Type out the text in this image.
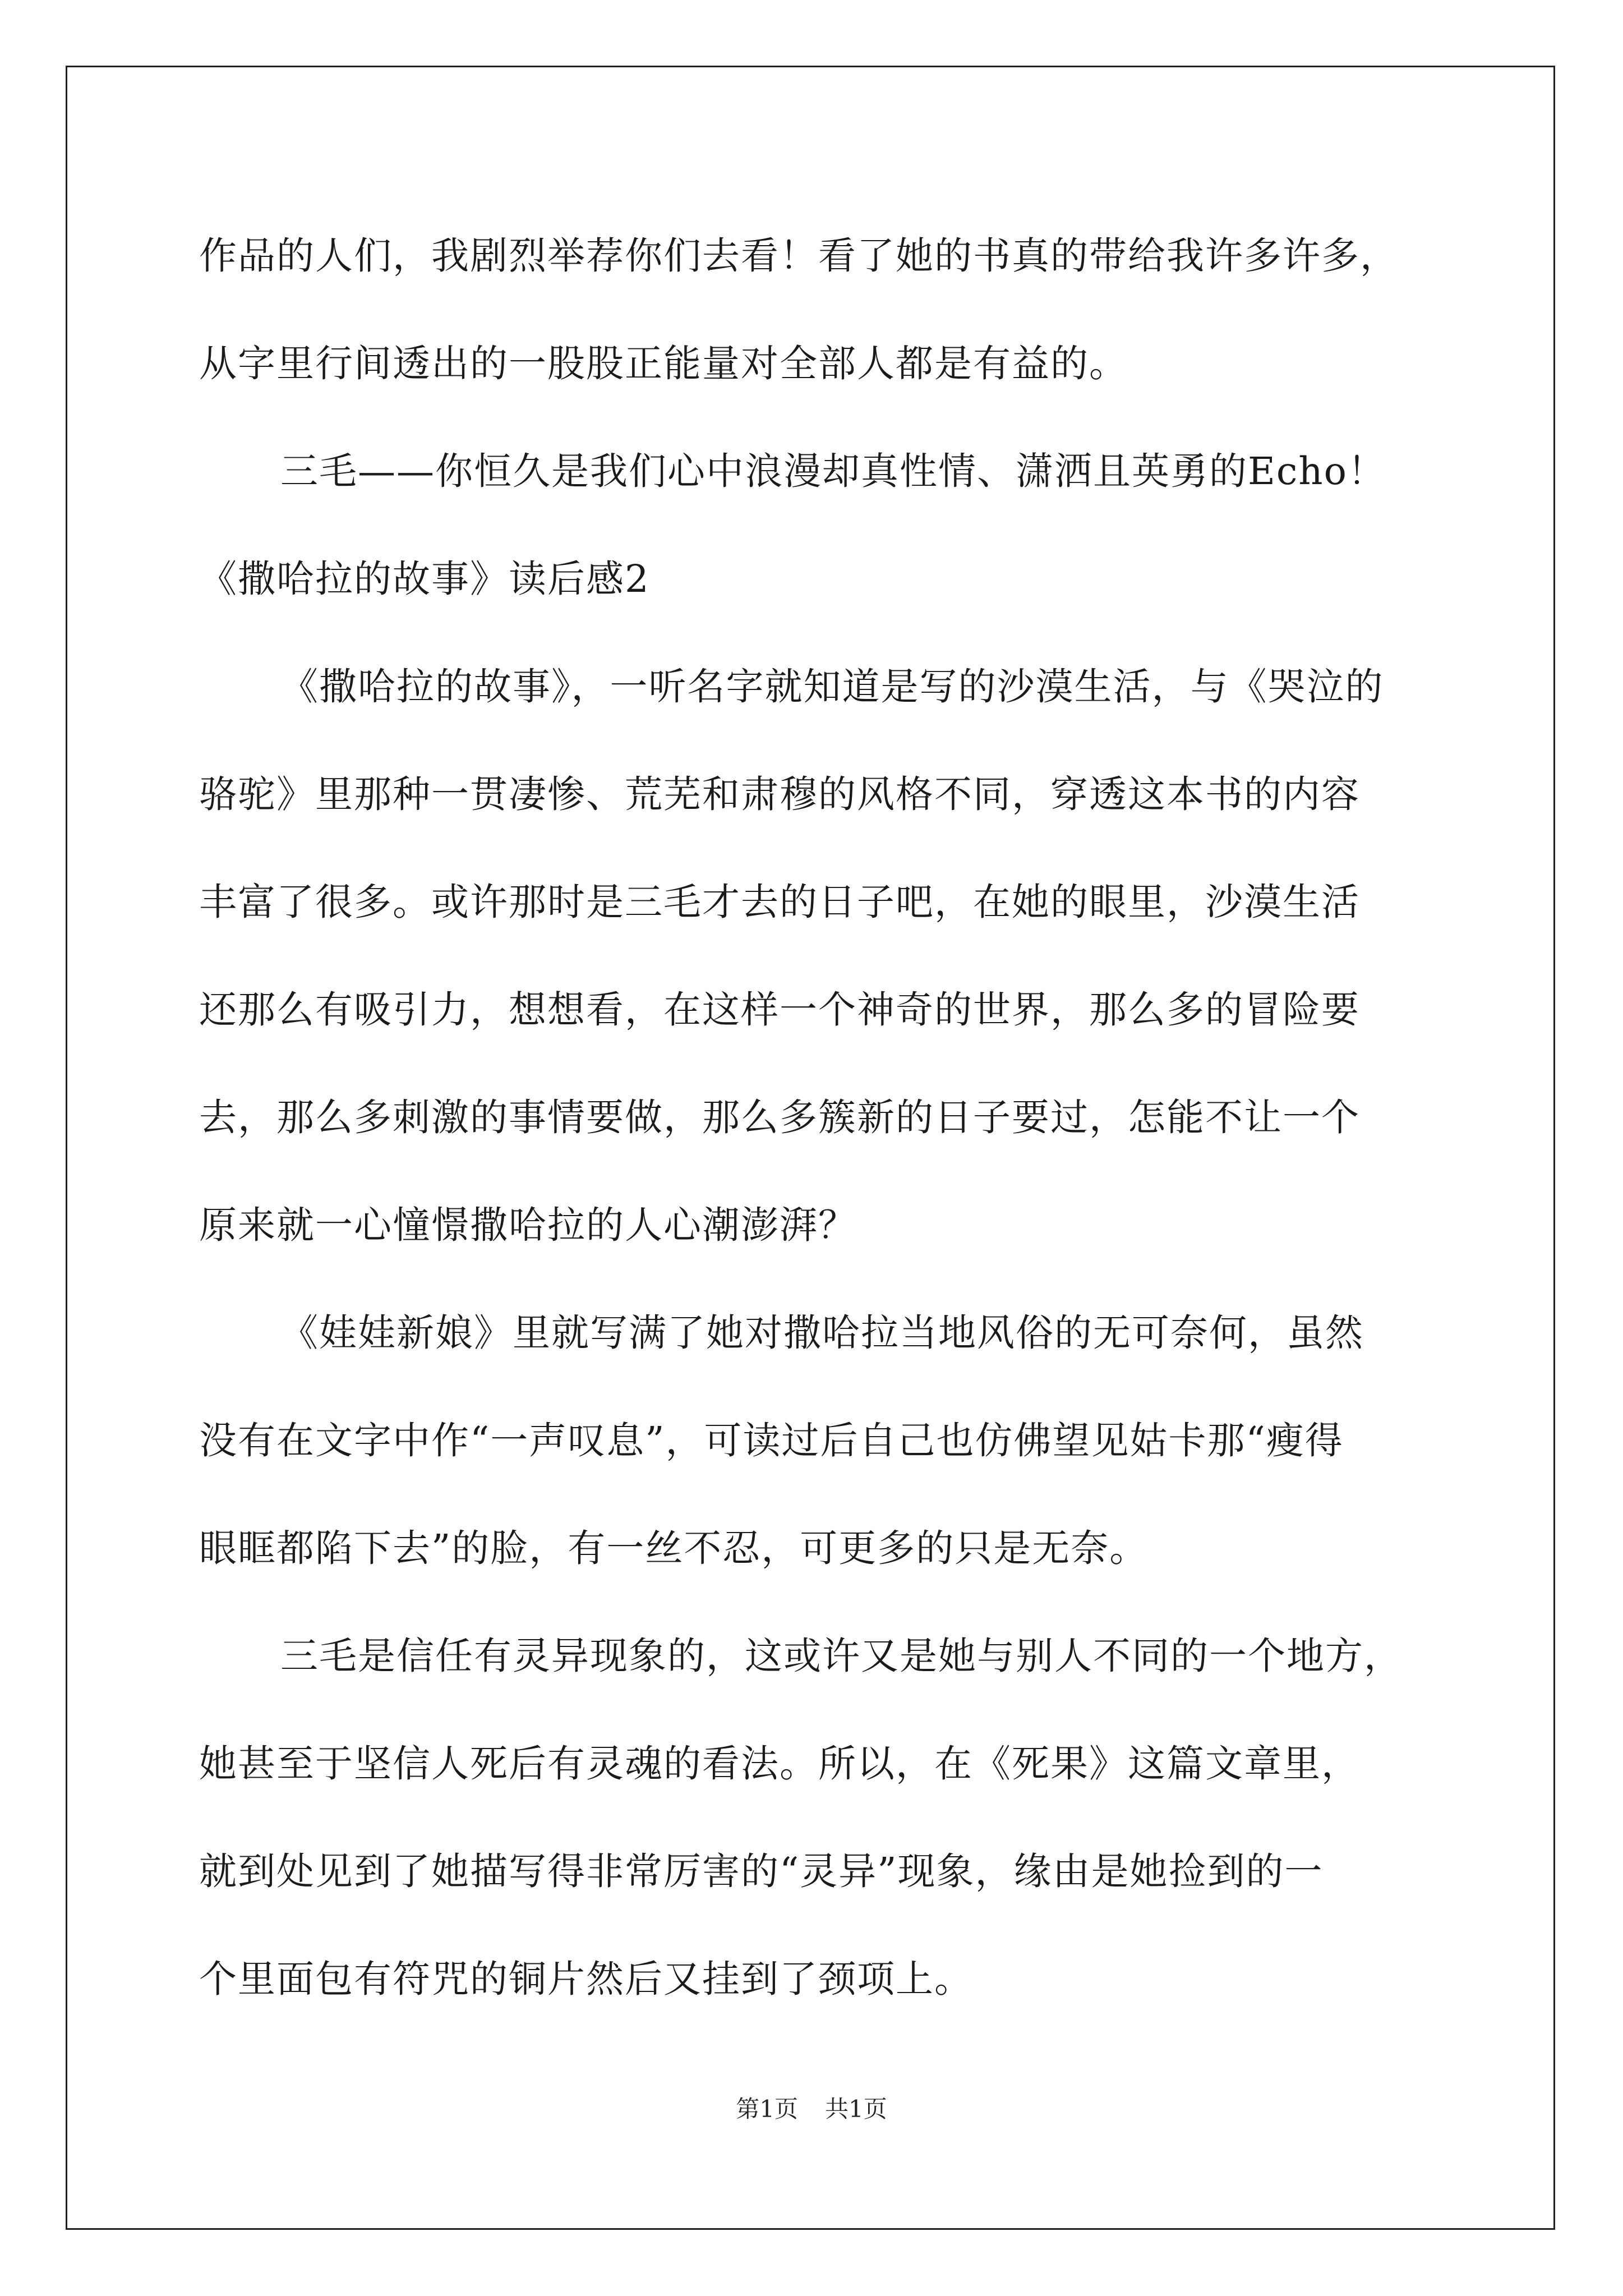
作品的人们，我剧烈举荐你们去看！看了她的书真的带给我许多许多，
从字里行间透出的一股股正能量对全部人都是有益的。
三毛——你恒久是我们心中浪漫却真性情、潇洒且英勇的Echo！
《撒哈拉的故事》读后感2
《撒哈拉的故事》，一听名字就知道是写的沙漠生活，与《哭泣的
骆驼》里那种一贯凄惨、荒芜和肃穆的风格不同，穿透这本书的内容
丰富了很多。或许那时是三毛才去的日子吧，在她的眼里，沙漠生活
还那么有吸引力，想想看，在这样一个神奇的世界，那么多的冒险要
去，那么多刺激的事情要做，那么多簇新的日子要过，怎能不让一个
原来就一心憧憬撒哈拉的人心潮澎湃？
《娃娃新娘》里就写满了她对撒哈拉当地风俗的无可奈何，虽然
没有在文字中作“一声叹息”，可读过后自己也仿佛望见姑卡那“瘦得
眼眶都陷下去”的脸，有一丝不忍，可更多的只是无奈。
三毛是信任有灵异现象的，这或许又是她与别人不同的一个地方，
她甚至于坚信人死后有灵魂的看法。所以，在《死果》这篇文章里，
就到处见到了她描写得非常厉害的“灵异”现象，缘由是她捡到的一
个里面包有符咒的铜片然后又挂到了颈项上。
第1页 共1页
